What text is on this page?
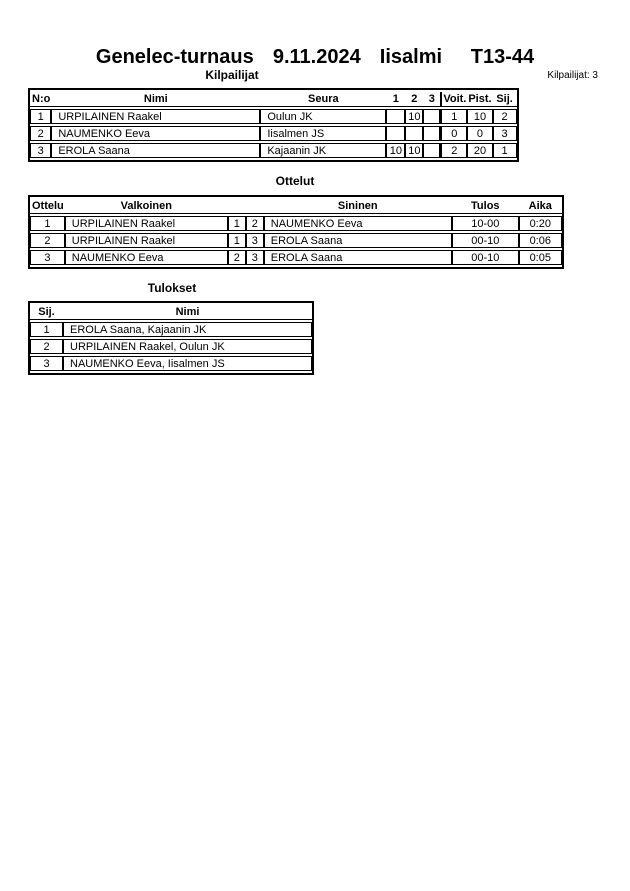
Genelec-turnaus  9.11.2024  Iisalmi   T13-44
Kilpailijat	Kilpailijat: 3
N:o	Nimi	Seura	1	2	3	Voit.	Pist.	Sij.
1	URPILAINEN Raakel	Oulun JK		10		1	10	2
2	NAUMENKO Eeva	Iisalmen JS				0	0	3
3	EROLA Saana	Kajaanin JK	10	10		2	20	1
Ottelut
Ottelu	Valkoinen			Sininen	Tulos	Aika
1	URPILAINEN Raakel	1	2	NAUMENKO Eeva	10-00	0:20
2	URPILAINEN Raakel	1	3	EROLA Saana	00-10	0:06
3	NAUMENKO Eeva	2	3	EROLA Saana	00-10	0:05
Tulokset
Sij.	Nimi
1	EROLA Saana, Kajaanin JK
2	URPILAINEN Raakel, Oulun JK
3	NAUMENKO Eeva, Iisalmen JS
